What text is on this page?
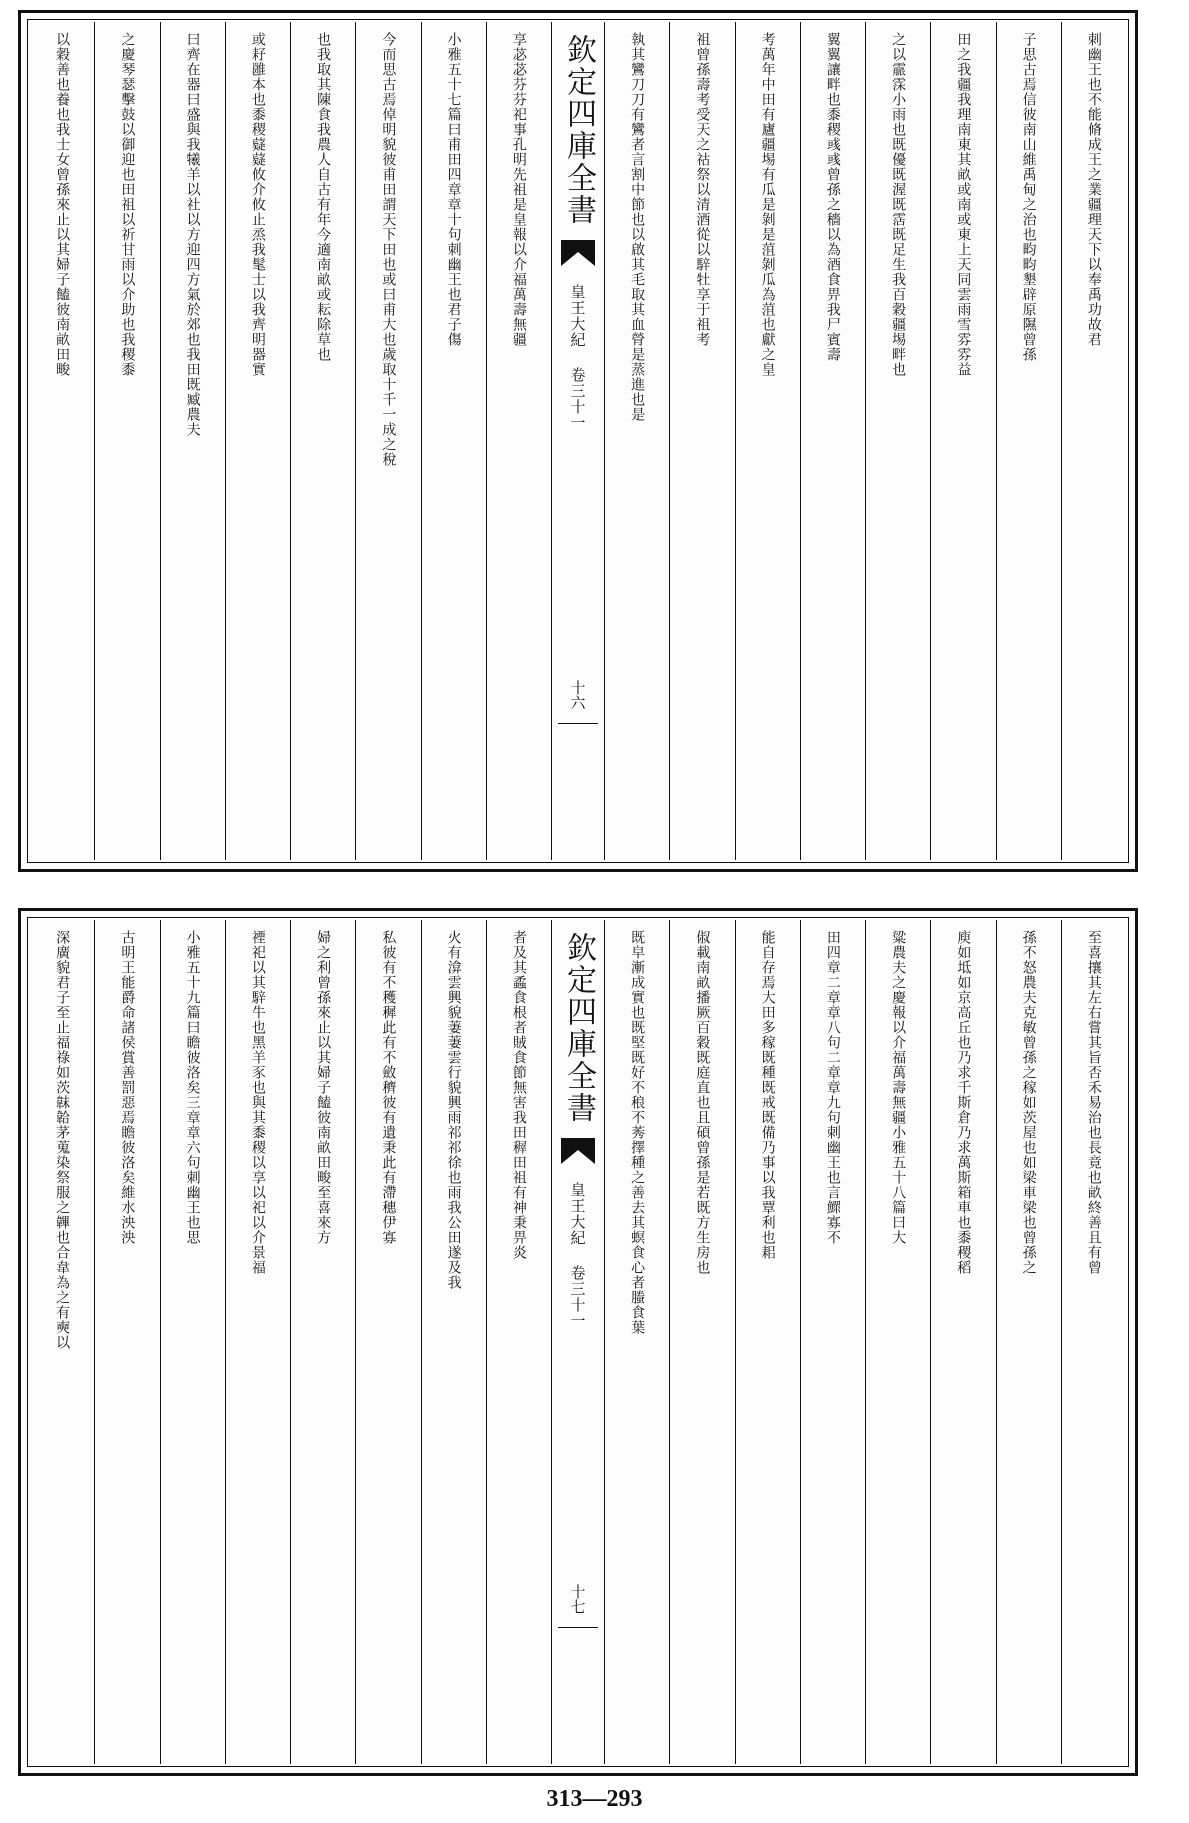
刺幽王也不能脩成王之業疆理天下以奉禹功故君
子思古焉信彼南山維禹甸之治也畇畇墾辟原隰曾孫
田之我疆我理南東其畝或南或東上天同雲雨雪雰雰益
之以霢霂小雨也既優既渥既霑既足生我百穀疆埸畔也
翼翼讓畔也黍稷彧彧曾孫之穡以為酒食畀我尸賓壽
考萬年中田有廬疆埸有瓜是剝是菹剝瓜為菹也獻之皇
祖曾孫壽考受天之祜祭以清酒從以騂牡享于祖考
執其鸞刀刀有鸞者言割中節也以啟其毛取其血膋是蒸進也是
欽定四庫全書
皇王大紀 卷三十一
十六
享苾苾芬芬祀事孔明先祖是皇報以介福萬壽無疆
小雅五十七篇曰甫田四章章十句刺幽王也君子傷
今而思古焉倬明貌彼甫田謂天下田也或曰甫大也歲取十千一成之稅
也我取其陳食我農人自古有年今適南畝或耘除草也
或耔雝本也黍稷薿薿攸介攸止烝我髦士以我齊明器實
曰齊在器曰盛與我犧羊以社以方迎四方氣於郊也我田既臧農夫
之慶琴瑟擊鼓以御迎也田祖以祈甘雨以介助也我稷黍
以穀善也養也我士女曾孫來止以其婦子饁彼南畝田畯
至喜攘其左右嘗其旨否禾易治也長竟也畝終善且有曾
孫不怒農夫克敏曾孫之稼如茨屋也如梁車梁也曾孫之
庾如坻如京高丘也乃求千斯倉乃求萬斯箱車也黍稷稻
粱農夫之慶報以介福萬壽無疆小雅五十八篇曰大
田四章二章章八句二章章九句刺幽王也言鰥寡不
能自存焉大田多稼既種既戒既備乃事以我覃利也耜
俶載南畝播厥百穀既庭直也且碩曾孫是若既方生房也
既皁漸成實也既堅既好不稂不莠擇種之善去其螟食心者螣食葉
欽定四庫全書
皇王大紀 卷三十一
十七
者及其蟊食根者賊食節無害我田稺田祖有神秉畀炎
火有渰雲興貌萋萋雲行貌興雨祁祁徐也雨我公田遂及我
私彼有不穫穉此有不斂穧彼有遺秉此有滯穗伊寡
婦之利曾孫來止以其婦子饁彼南畝田畯至喜來方
禋祀以其騂牛也黑羊豕也與其黍稷以享以祀以介景福
小雅五十九篇曰瞻彼洛矣三章章六句刺幽王也思
古明王能爵命諸侯賞善罰惡焉瞻彼洛矣維水泱泱
深廣貌君子至止福祿如茨韎韐茅蒐染祭服之韠也合韋為之有奭以
313—293
